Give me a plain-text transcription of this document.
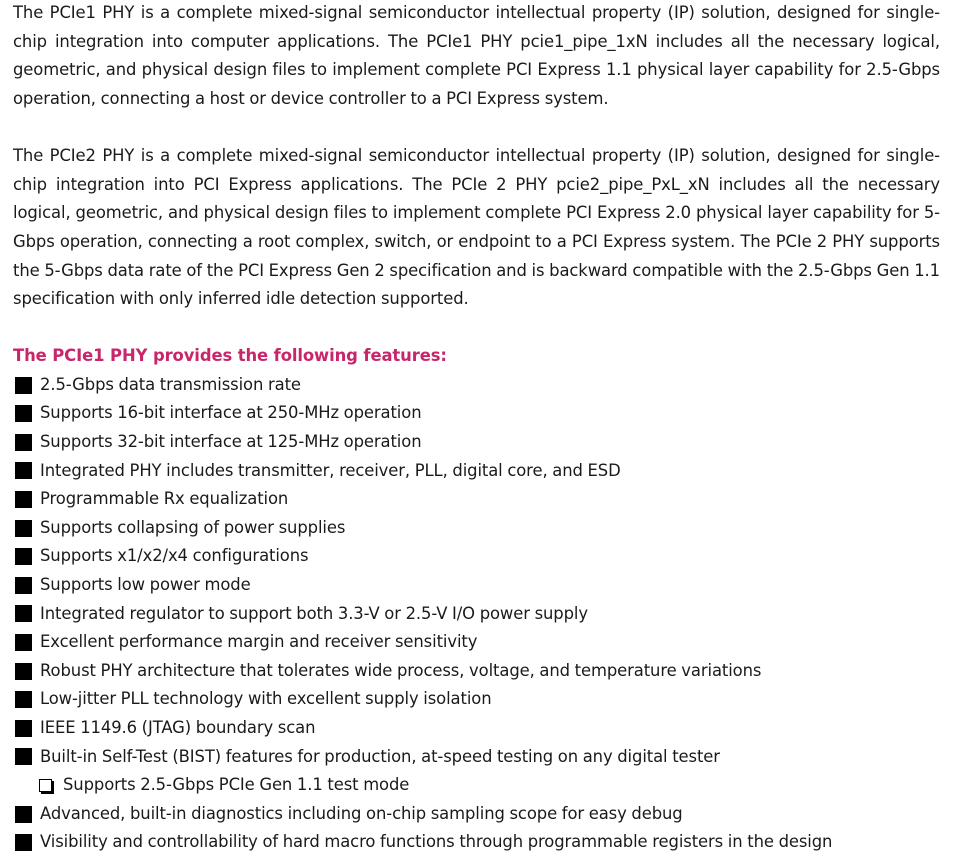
The PCIe1 PHY is a complete mixed-signal semiconductor intellectual property (IP) solution, designed for single-chip integration into computer applications. The PCIe1 PHY pcie1_pipe_1xN includes all the necessary logical, geometric, and physical design files to implement complete PCI Express 1.1 physical layer capability for 2.5-Gbps operation, connecting a host or device controller to a PCI Express system.

The PCIe2 PHY is a complete mixed-signal semiconductor intellectual property (IP) solution, designed for single-chip integration into PCI Express applications. The PCIe 2 PHY pcie2_pipe_PxL_xN includes all the necessary logical, geometric, and physical design files to implement complete PCI Express 2.0 physical layer capability for 5-Gbps operation, connecting a root complex, switch, or endpoint to a PCI Express system. The PCIe 2 PHY supports the 5-Gbps data rate of the PCI Express Gen 2 specification and is backward compatible with the 2.5-Gbps Gen 1.1 specification with only inferred idle detection supported.

The PCIe1 PHY provides the following features:
2.5-Gbps data transmission rate
Supports 16-bit interface at 250-MHz operation
Supports 32-bit interface at 125-MHz operation
Integrated PHY includes transmitter, receiver, PLL, digital core, and ESD
Programmable Rx equalization
Supports collapsing of power supplies
Supports x1/x2/x4 configurations
Supports low power mode
Integrated regulator to support both 3.3-V or 2.5-V I/O power supply
Excellent performance margin and receiver sensitivity
Robust PHY architecture that tolerates wide process, voltage, and temperature variations
Low-jitter PLL technology with excellent supply isolation
IEEE 1149.6 (JTAG) boundary scan
Built-in Self-Test (BIST) features for production, at-speed testing on any digital tester
Supports 2.5-Gbps PCIe Gen 1.1 test mode
Advanced, built-in diagnostics including on-chip sampling scope for easy debug
Visibility and controllability of hard macro functions through programmable registers in the design
